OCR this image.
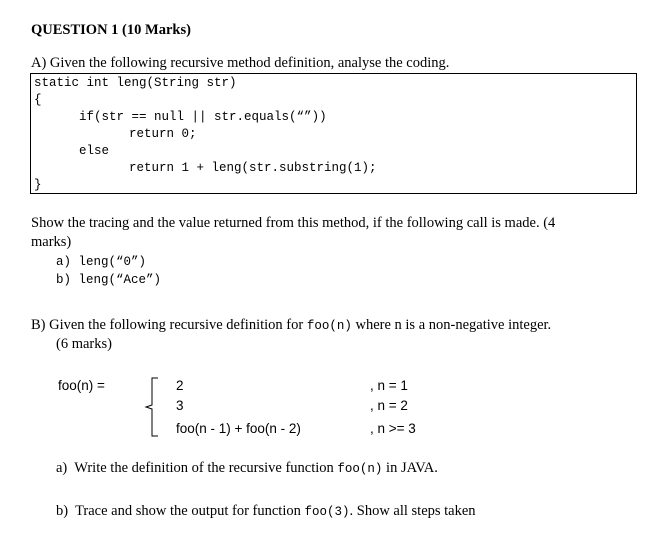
QUESTION 1 (10 Marks)
A) Given the following recursive method definition, analyse the coding.
static int leng(String str)
{
if(str == null || str.equals(“”))
return 0;
else
return 1 + leng(str.substring(1);
}
Show the tracing and the value returned from this method, if the following call is made. (4
marks)
a) leng(“0”)
b) leng(“Ace”)
B) Given the following recursive definition for foo(n) where n is a non-negative integer.
(6 marks)
foo(n) =	2
3
foo(n - 1) + foo(n - 2)
, n = 1
, n = 2
, n >= 3
a)  Write the definition of the recursive function foo(n) in JAVA.
b)  Trace and show the output for function foo(3). Show all steps taken
